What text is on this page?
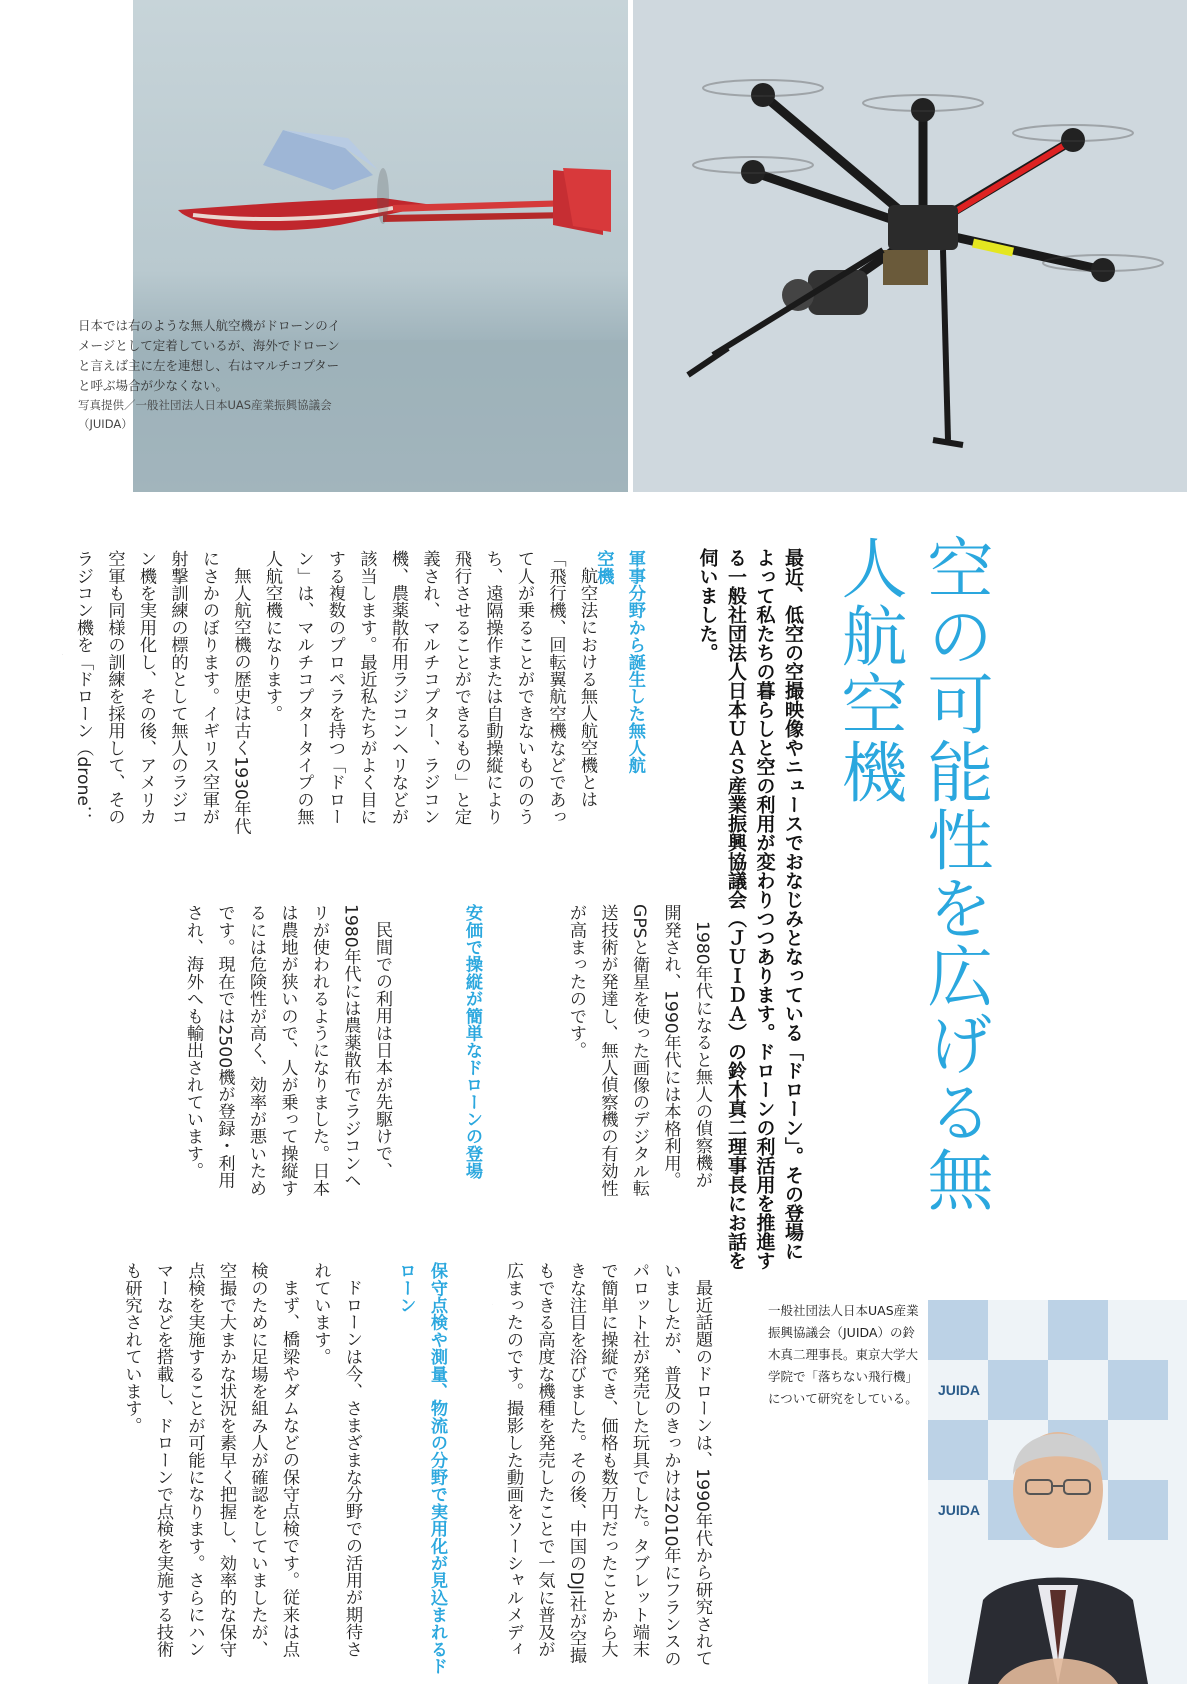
日本では右のような無人航空機がドローンのイメージとして定着しているが、海外でドローンと言えば主に左を連想し、右はマルチコプターと呼ぶ場合が少なくない。
写真提供／一般社団法人日本UAS産業振興協議会（JUIDA）
空の可能性を広げる無人航空機
最近、低空の空撮映像やニュースでおなじみとなっている「ドローン」。その登場によって私たちの暮らしと空の利用が変わりつつあります。ドローンの利活用を推進する一般社団法人日本ＵＡＳ産業振興協議会（ＪＵＩＤＡ）の鈴木真二理事長にお話を伺いました。

軍事分野から誕生した無人航空機

航空法における無人航空機とは「飛行機、回転翼航空機などであって人が乗ることができないもののうち、遠隔操作または自動操縦により飛行させることができるもの」と定義され、マルチコプター、ラジコン機、農薬散布用ラジコンヘリなどが該当します。最近私たちがよく目にする複数のプロペラを持つ「ドローン」は、マルチコプタータイプの無人航空機になります。

無人航空機の歴史は古く1930年代にさかのぼります。イギリス空軍が射撃訓練の標的として無人のラジコン機を実用化し、その後、アメリカ空軍も同様の訓練を採用して、そのラジコン機を「ドローン（drone：

1980年代になると無人の偵察機が開発され、1990年代には本格利用。GPSと衛星を使った画像のデジタル転送技術が発達し、無人偵察機の有効性が高まったのです。

安価で操縦が簡単なドローンの登場

民間での利用は日本が先駆けで、1980年代には農薬散布でラジコンヘリが使われるようになりました。日本は農地が狭いので、人が乗って操縦するには危険性が高く、効率が悪いためです。現在では2500機が登録・利用され、海外へも輸出されています。

最近話題のドローンは、1990年代から研究されていましたが、普及のきっかけは2010年にフランスのパロット社が発売した玩具でした。タブレット端末で簡単に操縦でき、価格も数万円だったことから大きな注目を浴びました。その後、中国のDJI社が空撮もできる高度な機種を発売したことで一気に普及が広まったのです。撮影した動画をソーシャルメディ

保守点検や測量、物流の分野で実用化が見込まれるドローン

ドローンは今、さまざまな分野での活用が期待されています。

まず、橋梁やダムなどの保守点検です。従来は点検のために足場を組み人が確認をしていましたが、空撮で大まかな状況を素早く把握し、効率的な保守点検を実施することが可能になります。さらにハンマーなどを搭載し、ドローンで点検を実施する技術も研究されています。	JUIDA
JUIDA
一般社団法人日本UAS産業振興協議会（JUIDA）の鈴木真二理事長。東京大学大学院で「落ちない飛行機」について研究をしている。
